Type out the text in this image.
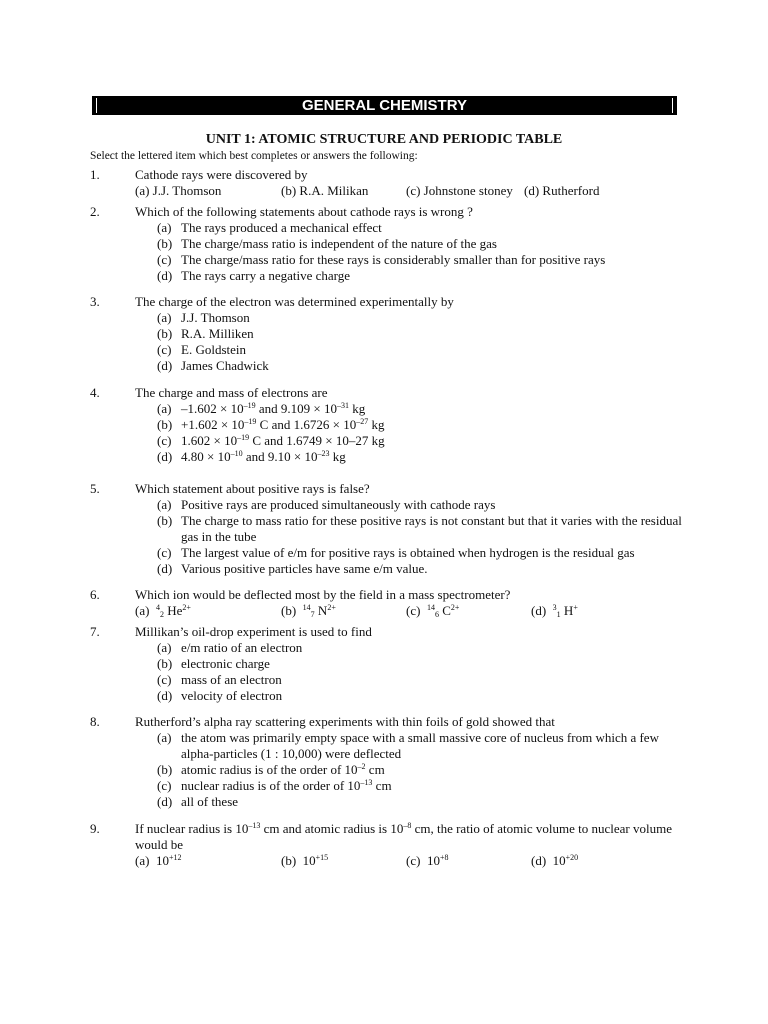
GENERAL CHEMISTRY
UNIT 1: ATOMIC STRUCTURE AND PERIODIC TABLE
Select the lettered item which best completes or answers the following:
1.	Cathode rays were discovered by
(a) J.J. Thomson	(b) R.A. Milikan	(c) Johnstone stoney (d) Rutherford
2.	Which of the following statements about cathode rays is wrong ?
(a) The rays produced a mechanical effect
(b) The charge/mass ratio is independent of the nature of the gas
(c) The charge/mass ratio for these rays is considerably smaller than for positive rays
(d) The rays carry a negative charge
3.	The charge of the electron was determined experimentally by
(a) J.J. Thomson
(b) R.A. Milliken
(c) E. Goldstein
(d) James Chadwick
4.	The charge and mass of electrons are
(a) $-1.602 \times 10^{-19}$ and $9.109 \times 10^{-31}$ kg
$(b) +1.602 \times 10^{-19}$ C and $1.6726 \times 10^{-27}$ kg
(c) $1.602 \times 10^{-19}$ C and 1.6749 × 10–27 kg
(d) $4.80 \times 10^{-10}$ and $9.10 \times 10^{-23}$ kg
5.	Which statement about positive rays is false?
(a) Positive rays are produced simultaneously with cathode rays
(b) The charge to mass ratio for these positive rays is not constant but that it varies with the residual gas in the tube
(c) The largest value of e/m for positive rays is obtained when hydrogen is the residual gas
(d) Various positive particles have same e/m value.
6.	Which ion would be deflected most by the field in a mass spectrometer?
(a) $^4_2$ $He^{2+}$	(b) $^{14}_7$ $N^{2+}$	(c) $^{14}_6$ $C^{2+}$	(d) $^3_1$ H+
7.	Millikan’s oil-drop experiment is used to find
(a) e/m ratio of an electron
(b) electronic charge
(c) mass of an electron
(d) velocity of electron
8.	Rutherford’s alpha ray scattering experiments with thin foils of gold showed that
(a) the atom was primarily empty space with a small massive core of nucleus from which a few alpha-particles (1 : 10,000) were deflected
(b) atomic radius is of the order of $10^{-2}$ cm
(c) nuclear radius is of the order of $10^{-13}$ cm
(d) all of these
9.	If nuclear radius is $10^{-13}$ cm and atomic radius is $10^{-8}$ cm, the ratio of atomic volume to nuclear volume would be
(a) $10^{+12}$	(b) $10^{+15}$	(c) $10^{+8}$	(d) $10^{+20}$
